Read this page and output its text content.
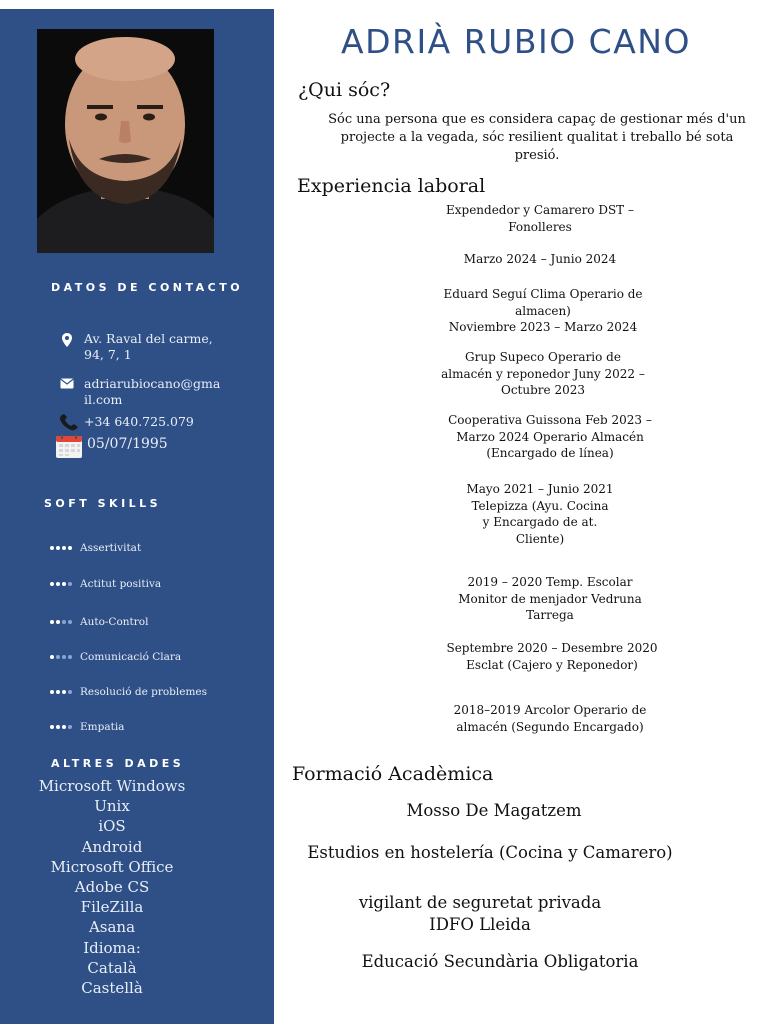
DATOS DE CONTACTO
Av. Raval del carme, 94, 7, 1
adriarubiocano@gmail.com
+34 640.725.079
05/07/1995
SOFT SKILLS
Assertivitat
Actitut positiva
Auto-Control
Comunicació Clara
Resolució de problemes
Empatia
ALTRES DADES
Microsoft Windows
Unix
iOS
Android
Microsoft Office
Adobe CS
FileZilla
Asana
Idioma:
Català
Castellà
ADRIÀ RUBIO CANO
¿Qui sóc?
Sóc una persona que es considera capaç de gestionar més d'un projecte a la vegada, sóc resilient qualitat i treballo bé sota presió.
Experiencia laboral
Expendedor y Camarero DST –
Fonolleres
Marzo 2024 – Junio 2024
Eduard Seguí Clima Operario de
almacen)
Noviembre 2023 – Marzo 2024
Grup Supeco Operario de
almacén y reponedor Juny 2022 –
Octubre 2023
Cooperativa Guissona Feb 2023 –
Marzo 2024 Operario Almacén
(Encargado de línea)
Mayo 2021 – Junio 2021
Telepizza (Ayu. Cocina
y Encargado de at.
Cliente)
2019 – 2020 Temp. Escolar
Monitor de menjador Vedruna
Tarrega
Septembre 2020 – Desembre 2020
Esclat (Cajero y Reponedor)
2018–2019 Arcolor Operario de
almacén (Segundo Encargado)
Formació Acadèmica
Mosso De Magatzem
Estudios en hostelería (Cocina y Camarero)
vigilant de seguretat privada
IDFO Lleida
Educació Secundària Obligatoria
